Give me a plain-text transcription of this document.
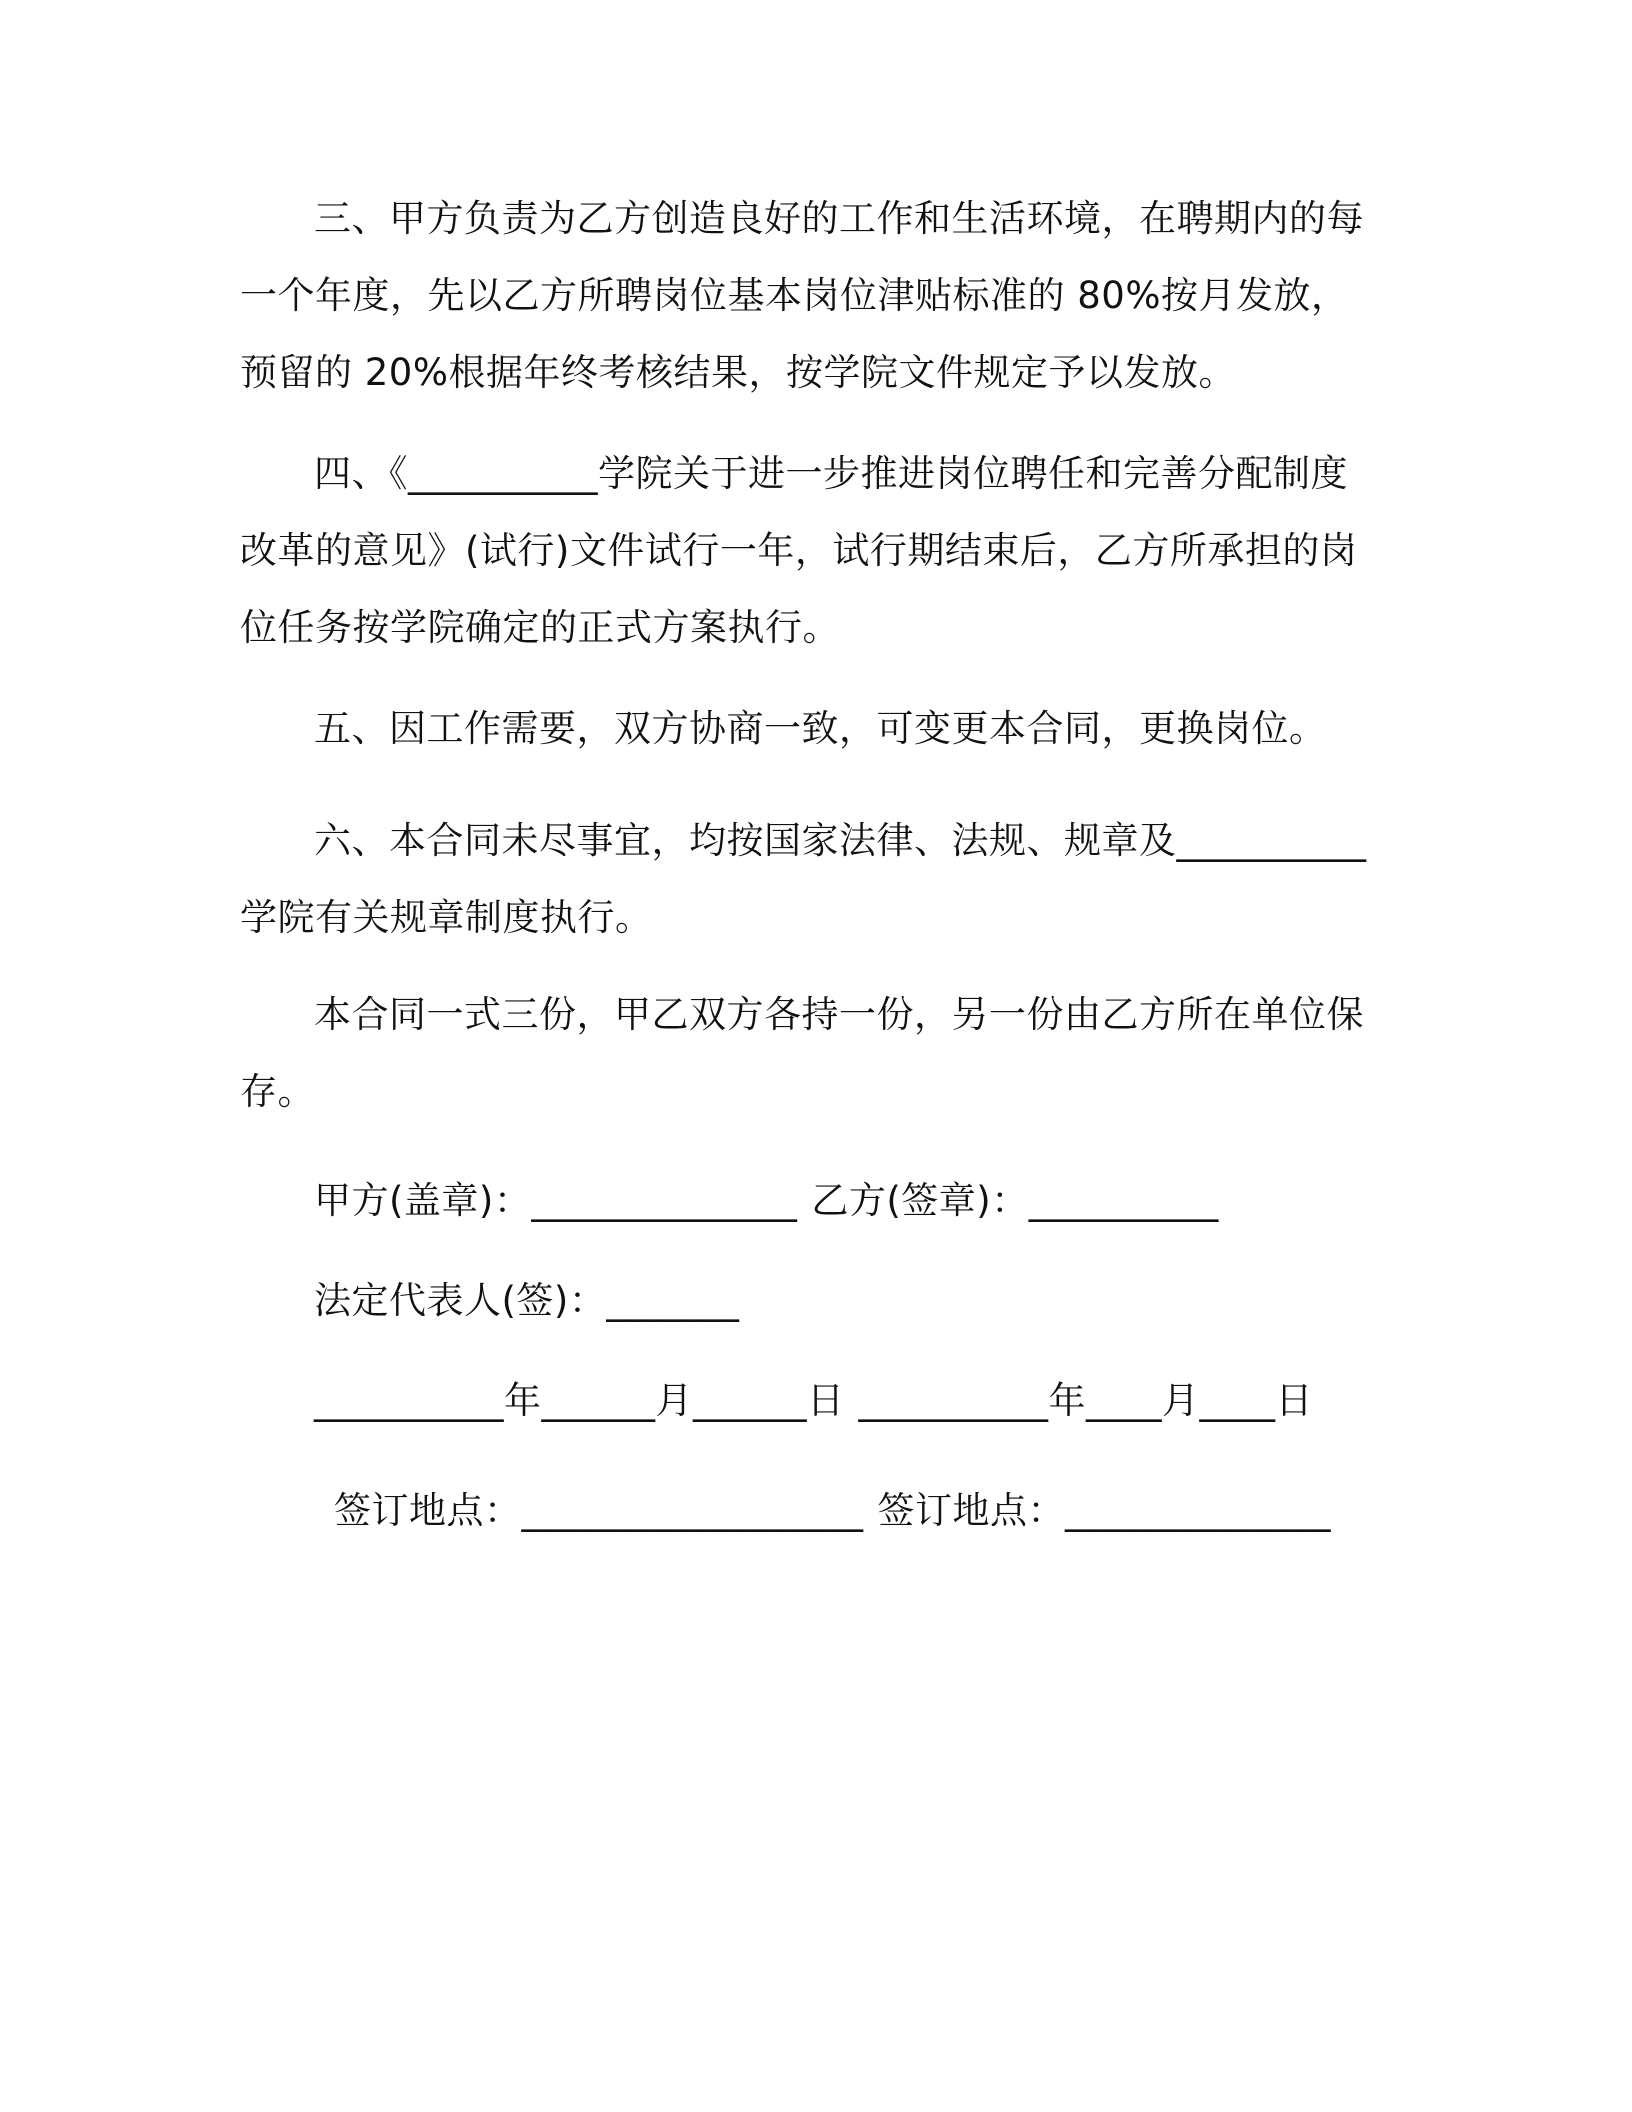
三、甲方负责为乙方创造良好的工作和生活环境，在聘期内的每一个年度，先以乙方所聘岗位基本岗位津贴标准的 80%按月发放，预留的 20%根据年终考核结果，按学院文件规定予以发放。

四、《__________学院关于进一步推进岗位聘任和完善分配制度改革的意见》(试行)文件试行一年，试行期结束后，乙方所承担的岗位任务按学院确定的正式方案执行。

五、因工作需要，双方协商一致，可变更本合同，更换岗位。

六、本合同未尽事宜，均按国家法律、法规、规章及__________学院有关规章制度执行。

本合同一式三份，甲乙双方各持一份，另一份由乙方所在单位保存。

甲方(盖章)：______________ 乙方(签章)：__________
法定代表人(签)：_______
__________年______月______日 __________年____月____日
签订地点：__________________ 签订地点：______________
